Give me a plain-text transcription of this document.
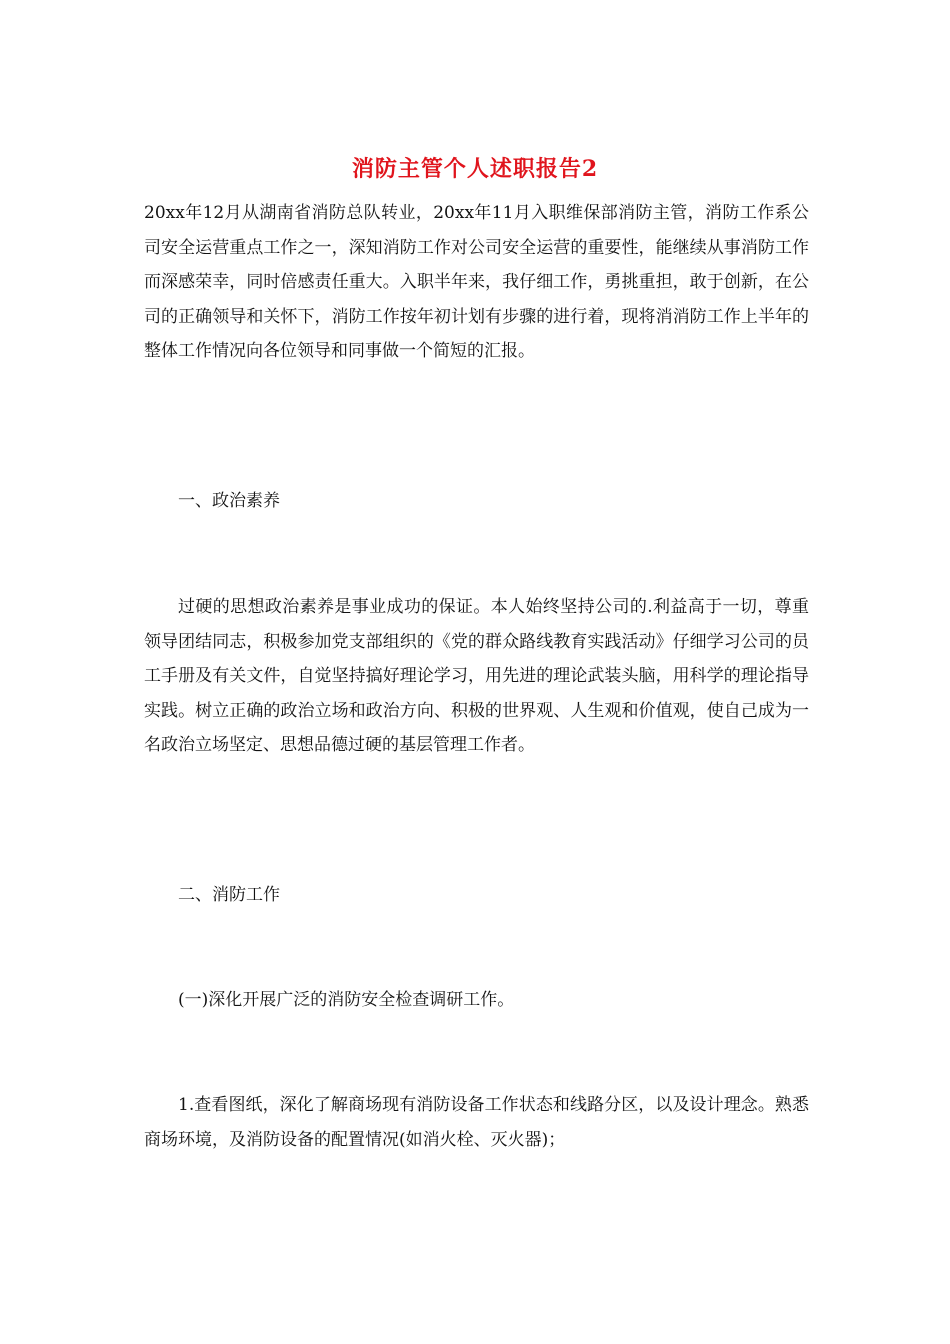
消防主管个人述职报告2

20xx年12月从湖南省消防总队转业，20xx年11月入职维保部消防主管，消防工作系公司安全运营重点工作之一，深知消防工作对公司安全运营的重要性，能继续从事消防工作而深感荣幸，同时倍感责任重大。入职半年来，我仔细工作，勇挑重担，敢于创新，在公司的正确领导和关怀下，消防工作按年初计划有步骤的进行着，现将消消防工作上半年的整体工作情况向各位领导和同事做一个简短的汇报。

一、政治素养

过硬的思想政治素养是事业成功的保证。本人始终坚持公司的.利益高于一切，尊重领导团结同志，积极参加党支部组织的《党的群众路线教育实践活动》仔细学习公司的员工手册及有关文件，自觉坚持搞好理论学习，用先进的理论武装头脑，用科学的理论指导实践。树立正确的政治立场和政治方向、积极的世界观、人生观和价值观，使自己成为一名政治立场坚定、思想品德过硬的基层管理工作者。

二、消防工作

(一)深化开展广泛的消防安全检查调研工作。

1.查看图纸，深化了解商场现有消防设备工作状态和线路分区，以及设计理念。熟悉商场环境，及消防设备的配置情况(如消火栓、灭火器)；
